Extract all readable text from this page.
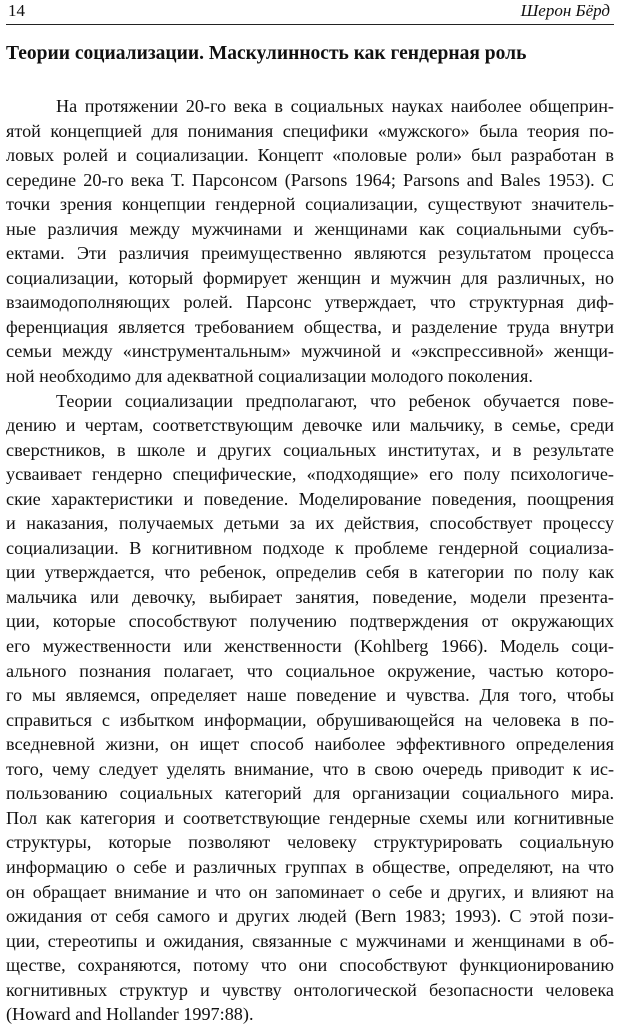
14	Шерон Бёрд
Теории социализации. Маскулинность как гендерная роль
На протяжении 20-го века в социальных науках наиболее общеприн-
ятой концепцией для понимания специфики «мужского» была теория по-
ловых ролей и социализации. Концепт «половые роли» был разработан в
середине 20-го века Т. Парсонсом (Parsons 1964; Parsons and Bales 1953). С
точки зрения концепции гендерной социализации, существуют значитель-
ные различия между мужчинами и женщинами как социальными субъ-
ектами. Эти различия преимущественно являются результатом процесса
социализации, который формирует женщин и мужчин для различных, но
взаимодополняющих ролей. Парсонс утверждает, что структурная диф-
ференциация является требованием общества, и разделение труда внутри
семьи между «инструментальным» мужчиной и «экспрессивной» женщи-
ной необходимо для адекватной социализации молодого поколения.
Теории социализации предполагают, что ребенок обучается пове-
дению и чертам, соответствующим девочке или мальчику, в семье, среди
сверстников, в школе и других социальных институтах, и в результате
усваивает гендерно специфические, «подходящие» его полу психологиче-
ские характеристики и поведение. Моделирование поведения, поощрения
и наказания, получаемых детьми за их действия, способствует процессу
социализации. В когнитивном подходе к проблеме гендерной социализа-
ции утверждается, что ребенок, определив себя в категории по полу как
мальчика или девочку, выбирает занятия, поведение, модели презента-
ции, которые способствуют получению подтверждения от окружающих
его мужественности или женственности (Kohlberg 1966). Модель соци-
ального познания полагает, что социальное окружение, частью которо-
го мы являемся, определяет наше поведение и чувства. Для того, чтобы
справиться с избытком информации, обрушивающейся на человека в по-
вседневной жизни, он ищет способ наиболее эффективного определения
того, чему следует уделять внимание, что в свою очередь приводит к ис-
пользованию социальных категорий для организации социального мира.
Пол как категория и соответствующие гендерные схемы или когнитивные
структуры, которые позволяют человеку структурировать социальную
информацию о себе и различных группах в обществе, определяют, на что
он обращает внимание и что он запоминает о себе и других, и влияют на
ожидания от себя самого и других людей (Bern 1983; 1993). С этой пози-
ции, стереотипы и ожидания, связанные с мужчинами и женщинами в об-
ществе, сохраняются, потому что они способствуют функционированию
когнитивных структур и чувству онтологической безопасности человека
(Howard and Hollander 1997:88).
